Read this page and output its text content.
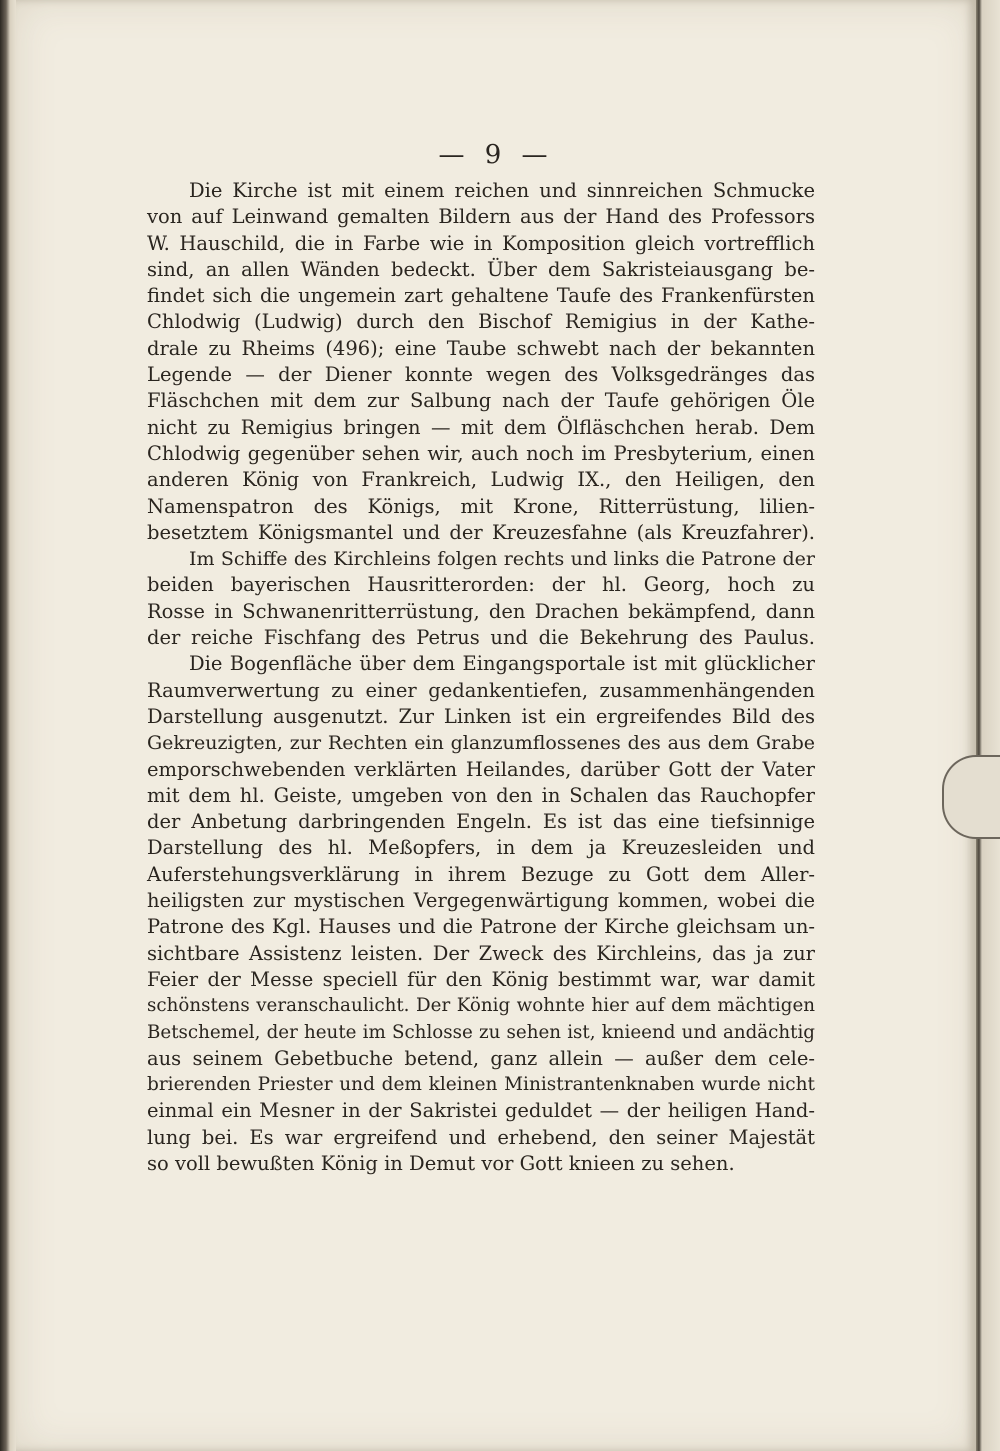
— 9 —
Die Kirche ist mit einem reichen und sinnreichen Schmucke
von auf Leinwand gemalten Bildern aus der Hand des Professors
W. Hauschild, die in Farbe wie in Komposition gleich vortrefflich
sind, an allen Wänden bedeckt. Über dem Sakristeiausgang be-
findet sich die ungemein zart gehaltene Taufe des Frankenfürsten
Chlodwig (Ludwig) durch den Bischof Remigius in der Kathe-
drale zu Rheims (496); eine Taube schwebt nach der bekannten
Legende — der Diener konnte wegen des Volksgedränges das
Fläschchen mit dem zur Salbung nach der Taufe gehörigen Öle
nicht zu Remigius bringen — mit dem Ölfläschchen herab. Dem
Chlodwig gegenüber sehen wir, auch noch im Presbyterium, einen
anderen König von Frankreich, Ludwig IX., den Heiligen, den
Namenspatron des Königs, mit Krone, Ritterrüstung, lilien-
besetztem Königsmantel und der Kreuzesfahne (als Kreuzfahrer).
Im Schiffe des Kirchleins folgen rechts und links die Patrone der
beiden bayerischen Hausritterorden: der hl. Georg, hoch zu
Rosse in Schwanenritterrüstung, den Drachen bekämpfend, dann
der reiche Fischfang des Petrus und die Bekehrung des Paulus.
Die Bogenfläche über dem Eingangsportale ist mit glücklicher
Raumverwertung zu einer gedankentiefen, zusammenhängenden
Darstellung ausgenutzt. Zur Linken ist ein ergreifendes Bild des
Gekreuzigten, zur Rechten ein glanzumflossenes des aus dem Grabe
emporschwebenden verklärten Heilandes, darüber Gott der Vater
mit dem hl. Geiste, umgeben von den in Schalen das Rauchopfer
der Anbetung darbringenden Engeln. Es ist das eine tiefsinnige
Darstellung des hl. Meßopfers, in dem ja Kreuzesleiden und
Auferstehungsverklärung in ihrem Bezuge zu Gott dem Aller-
heiligsten zur mystischen Vergegenwärtigung kommen, wobei die
Patrone des Kgl. Hauses und die Patrone der Kirche gleichsam un-
sichtbare Assistenz leisten. Der Zweck des Kirchleins, das ja zur
Feier der Messe speciell für den König bestimmt war, war damit
schönstens veranschaulicht. Der König wohnte hier auf dem mächtigen
Betschemel, der heute im Schlosse zu sehen ist, knieend und andächtig
aus seinem Gebetbuche betend, ganz allein — außer dem cele-
brierenden Priester und dem kleinen Ministrantenknaben wurde nicht
einmal ein Mesner in der Sakristei geduldet — der heiligen Hand-
lung bei. Es war ergreifend und erhebend, den seiner Majestät
so voll bewußten König in Demut vor Gott knieen zu sehen.
